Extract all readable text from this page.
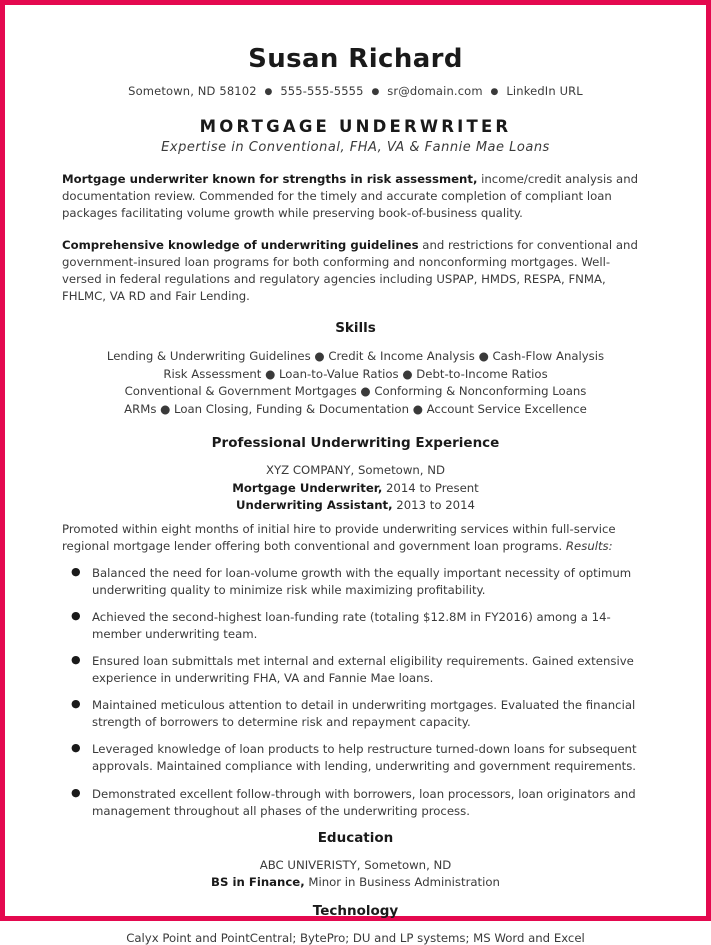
Susan Richard
Sometown, ND 58102 ● 555-555-5555 ● sr@domain.com ● LinkedIn URL
MORTGAGE UNDERWRITER
Expertise in Conventional, FHA, VA & Fannie Mae Loans

Mortgage underwriter known for strengths in risk assessment, income/credit analysis and documentation review. Commended for the timely and accurate completion of compliant loan packages facilitating volume growth while preserving book-of-business quality.

Comprehensive knowledge of underwriting guidelines and restrictions for conventional and government-insured loan programs for both conforming and nonconforming mortgages. Well-versed in federal regulations and regulatory agencies including USPAP, HMDS, RESPA, FNMA, FHLMC, VA RD and Fair Lending.

Skills
Lending & Underwriting Guidelines ● Credit & Income Analysis ● Cash-Flow Analysis
Risk Assessment ● Loan-to-Value Ratios ● Debt-to-Income Ratios
Conventional & Government Mortgages ● Conforming & Nonconforming Loans
ARMs ● Loan Closing, Funding & Documentation ● Account Service Excellence
Professional Underwriting Experience
XYZ COMPANY, Sometown, ND
Mortgage Underwriter, 2014 to Present
Underwriting Assistant, 2013 to 2014

Promoted within eight months of initial hire to provide underwriting services within full-service regional mortgage lender offering both conventional and government loan programs. Results:

● Balanced the need for loan-volume growth with the equally important necessity of optimum underwriting quality to minimize risk while maximizing profitability.
● Achieved the second-highest loan-funding rate (totaling $12.8M in FY2016) among a 14-member underwriting team.
● Ensured loan submittals met internal and external eligibility requirements. Gained extensive experience in underwriting FHA, VA and Fannie Mae loans.
● Maintained meticulous attention to detail in underwriting mortgages. Evaluated the financial strength of borrowers to determine risk and repayment capacity.
● Leveraged knowledge of loan products to help restructure turned-down loans for subsequent approvals. Maintained compliance with lending, underwriting and government requirements.
● Demonstrated excellent follow-through with borrowers, loan processors, loan originators and management throughout all phases of the underwriting process.
Education
ABC UNIVERISTY, Sometown, ND
BS in Finance, Minor in Business Administration
Technology
Calyx Point and PointCentral; BytePro; DU and LP systems; MS Word and Excel
